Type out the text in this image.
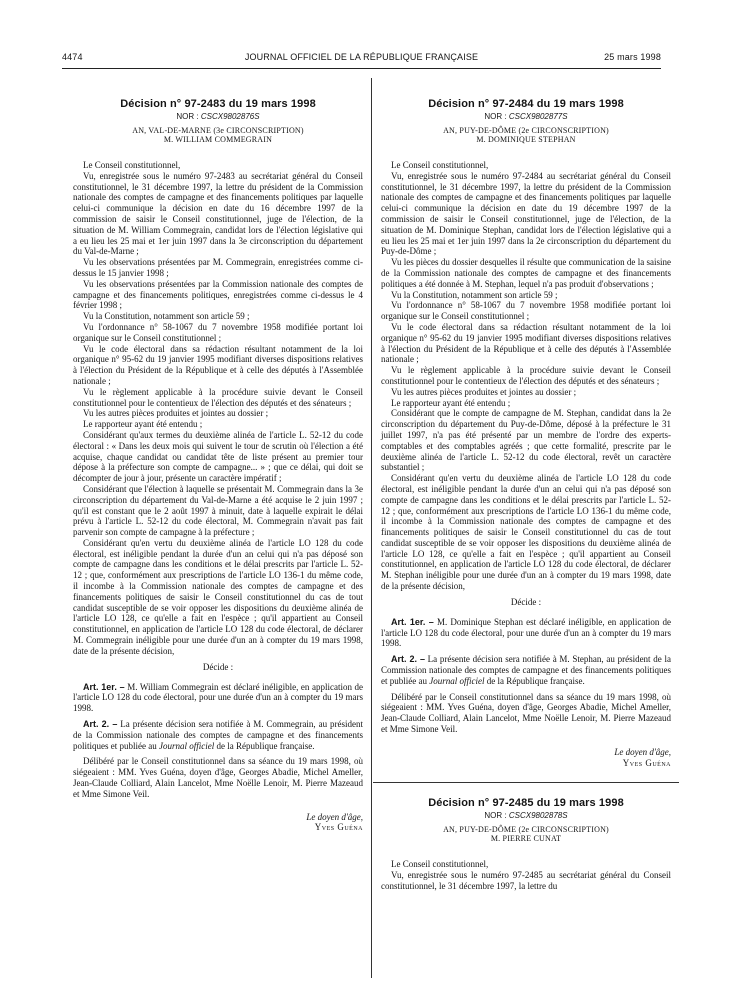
4474	JOURNAL OFFICIEL DE LA RÉPUBLIQUE FRANÇAISE	25 mars 1998

Décision n° 97-2483 du 19 mars 1998

NOR : CSCX9802876S

AN, VAL-DE-MARNE (3e CIRCONSCRIPTION)

M. WILLIAM COMMEGRAIN

Le Conseil constitutionnel,

Vu, enregistrée sous le numéro 97-2483 au secrétariat général du Conseil constitutionnel, le 31 décembre 1997, la lettre du président de la Commission nationale des comptes de campagne et des financements politiques par laquelle celui-ci communique la décision en date du 16 décembre 1997 de la commission de saisir le Conseil constitutionnel, juge de l'élection, de la situation de M. William Commegrain, candidat lors de l'élection législative qui a eu lieu les 25 mai et 1er juin 1997 dans la 3e circonscription du département du Val-de-Marne ;

Vu les observations présentées par M. Commegrain, enregistrées comme ci-dessus le 15 janvier 1998 ;

Vu les observations présentées par la Commission nationale des comptes de campagne et des financements politiques, enregistrées comme ci-dessus le 4 février 1998 ;

Vu la Constitution, notamment son article 59 ;

Vu l'ordonnance n° 58-1067 du 7 novembre 1958 modifiée portant loi organique sur le Conseil constitutionnel ;

Vu le code électoral dans sa rédaction résultant notamment de la loi organique n° 95-62 du 19 janvier 1995 modifiant diverses dispositions relatives à l'élection du Président de la République et à celle des députés à l'Assemblée nationale ;

Vu le règlement applicable à la procédure suivie devant le Conseil constitutionnel pour le contentieux de l'élection des députés et des sénateurs ;

Vu les autres pièces produites et jointes au dossier ;

Le rapporteur ayant été entendu ;

Considérant qu'aux termes du deuxième alinéa de l'article L. 52-12 du code électoral : « Dans les deux mois qui suivent le tour de scrutin où l'élection a été acquise, chaque candidat ou candidat tête de liste présent au premier tour dépose à la préfecture son compte de campagne... » ; que ce délai, qui doit se décompter de jour à jour, présente un caractère impératif ;

Considérant que l'élection à laquelle se présentait M. Commegrain dans la 3e circonscription du département du Val-de-Marne a été acquise le 2 juin 1997 ; qu'il est constant que le 2 août 1997 à minuit, date à laquelle expirait le délai prévu à l'article L. 52-12 du code électoral, M. Commegrain n'avait pas fait parvenir son compte de campagne à la préfecture ;

Considérant qu'en vertu du deuxième alinéa de l'article LO 128 du code électoral, est inéligible pendant la durée d'un an celui qui n'a pas déposé son compte de campagne dans les conditions et le délai prescrits par l'article L. 52-12 ; que, conformément aux prescriptions de l'article LO 136-1 du même code, il incombe à la Commission nationale des comptes de campagne et des financements politiques de saisir le Conseil constitutionnel du cas de tout candidat susceptible de se voir opposer les dispositions du deuxième alinéa de l'article LO 128, ce qu'elle a fait en l'espèce ; qu'il appartient au Conseil constitutionnel, en application de l'article LO 128 du code électoral, de déclarer M. Commegrain inéligible pour une durée d'un an à compter du 19 mars 1998, date de la présente décision,

Décide :

Art. 1er. – M. William Commegrain est déclaré inéligible, en application de l'article LO 128 du code électoral, pour une durée d'un an à compter du 19 mars 1998.

Art. 2. – La présente décision sera notifiée à M. Commegrain, au président de la Commission nationale des comptes de campagne et des financements politiques et publiée au Journal officiel de la République française.

Délibéré par le Conseil constitutionnel dans sa séance du 19 mars 1998, où siégeaient : MM. Yves Guéna, doyen d'âge, Georges Abadie, Michel Ameller, Jean-Claude Colliard, Alain Lancelot, Mme Noëlle Lenoir, M. Pierre Mazeaud et Mme Simone Veil.

Le doyen d'âge,
Yves Guéna

Décision n° 97-2484 du 19 mars 1998

NOR : CSCX9802877S

AN, PUY-DE-DÔME (2e CIRCONSCRIPTION)

M. DOMINIQUE STEPHAN

Le Conseil constitutionnel,

Vu, enregistrée sous le numéro 97-2484 au secrétariat général du Conseil constitutionnel, le 31 décembre 1997, la lettre du président de la Commission nationale des comptes de campagne et des financements politiques par laquelle celui-ci communique la décision en date du 19 décembre 1997 de la commission de saisir le Conseil constitutionnel, juge de l'élection, de la situation de M. Dominique Stephan, candidat lors de l'élection législative qui a eu lieu les 25 mai et 1er juin 1997 dans la 2e circonscription du département du Puy-de-Dôme ;

Vu les pièces du dossier desquelles il résulte que communication de la saisine de la Commission nationale des comptes de campagne et des financements politiques a été donnée à M. Stephan, lequel n'a pas produit d'observations ;

Vu la Constitution, notamment son article 59 ;

Vu l'ordonnance n° 58-1067 du 7 novembre 1958 modifiée portant loi organique sur le Conseil constitutionnel ;

Vu le code électoral dans sa rédaction résultant notamment de la loi organique n° 95-62 du 19 janvier 1995 modifiant diverses dispositions relatives à l'élection du Président de la République et à celle des députés à l'Assemblée nationale ;

Vu le règlement applicable à la procédure suivie devant le Conseil constitutionnel pour le contentieux de l'élection des députés et des sénateurs ;

Vu les autres pièces produites et jointes au dossier ;

Le rapporteur ayant été entendu ;

Considérant que le compte de campagne de M. Stephan, candidat dans la 2e circonscription du département du Puy-de-Dôme, déposé à la préfecture le 31 juillet 1997, n'a pas été présenté par un membre de l'ordre des experts-comptables et des comptables agréés ; que cette formalité, prescrite par le deuxième alinéa de l'article L. 52-12 du code électoral, revêt un caractère substantiel ;

Considérant qu'en vertu du deuxième alinéa de l'article LO 128 du code électoral, est inéligible pendant la durée d'un an celui qui n'a pas déposé son compte de campagne dans les conditions et le délai prescrits par l'article L. 52-12 ; que, conformément aux prescriptions de l'article LO 136-1 du même code, il incombe à la Commission nationale des comptes de campagne et des financements politiques de saisir le Conseil constitutionnel du cas de tout candidat susceptible de se voir opposer les dispositions du deuxième alinéa de l'article LO 128, ce qu'elle a fait en l'espèce ; qu'il appartient au Conseil constitutionnel, en application de l'article LO 128 du code électoral, de déclarer M. Stephan inéligible pour une durée d'un an à compter du 19 mars 1998, date de la présente décision,

Décide :

Art. 1er. – M. Dominique Stephan est déclaré inéligible, en application de l'article LO 128 du code électoral, pour une durée d'un an à compter du 19 mars 1998.

Art. 2. – La présente décision sera notifiée à M. Stephan, au président de la Commission nationale des comptes de campagne et des financements politiques et publiée au Journal officiel de la République française.

Délibéré par le Conseil constitutionnel dans sa séance du 19 mars 1998, où siégeaient : MM. Yves Guéna, doyen d'âge, Georges Abadie, Michel Ameller, Jean-Claude Colliard, Alain Lancelot, Mme Noëlle Lenoir, M. Pierre Mazeaud et Mme Simone Veil.

Le doyen d'âge,
Yves Guéna

Décision n° 97-2485 du 19 mars 1998

NOR : CSCX9802878S

AN, PUY-DE-DÔME (2e CIRCONSCRIPTION)

M. PIERRE CUNAT

Le Conseil constitutionnel,

Vu, enregistrée sous le numéro 97-2485 au secrétariat général du Conseil constitutionnel, le 31 décembre 1997, la lettre du
